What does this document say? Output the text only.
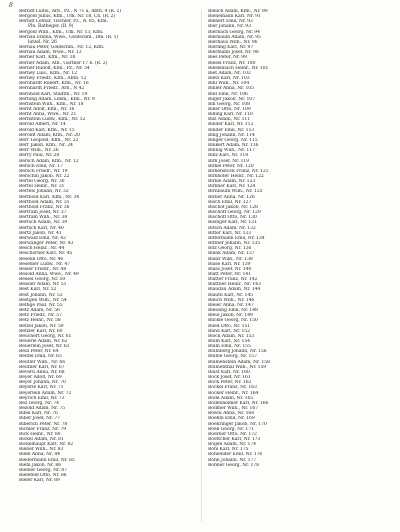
8

Berndt Ludw., Arb., Pz., N 71 a, Abth. 4 (R. 2)

Bergold Julius, Kfm., Ufk. Nr. 18, Ch. (R. 2)

Berndt Lothar, Tischler, Pz., N. 85, Kfm.
Pln. Ratheger. (R. 9)

Bergold Wilh., Kfm., Ufk. Nr. 13, Kfm.

Bernau Emma, Wwe., Goldschm., Dm. (R. 1)
lutzel. Nr. 26

Bernau Peter, Goldschm., Nr. 12, Kfm.

Bernau Adam, Wwe., Nr. 13

Berner Karl, Kfm., Nr. 18

Berner Adam, Ath., Gärtner 17 b. (R. 2)

Berner Rudolf, Kfm., Pz., Nr. 54

Berney Luis., Kfm., Nr. 12

Berney Friedr., Kfm., Abth. 12

Bernhardt Robert, Kfm., Nr. 16

Bernhardt Friedr., Arb., N 42

Bernhold Karl, Stadtm., Nr. 19

Berning Adam, Ldsm., Kfm., Nr. 9

Bernstein Wilh., Kfm., Nr. 18

Bernt Adolf, Kfm., Nr. 16

Bernt Anna, Wwe., Nr. 21

Bernstein Ludw., Kfm., Nr. 12

Berold Albert, Nr. 14

Berold Karl, Kfm., Nr. 15

Beroldt Adam, Kfm., Nr. 20

Berr Leopold, Kfm., Nr. 22

Berr Jakob, Kfm., Nr. 24

Berr Wilh., Nr. 26

Berry Paul, Nr. 28

Bersch Adam, Kfm., Nr. 12

Bersch Emil, Nr. 17

Bersch Friedr., Nr. 19

Berschin Jakob, Nr. 22

Bertel Georg, Nr. 30

Bertel Heinr., Nr. 31

Bertels Johann, Nr. 32

Berthold Karl, Kfm., Nr. 34

Berthold Adam, Nr. 35

Berthold Franz, Nr. 36

Bertram Josef, Nr. 37

Bertram Wilh., Nr. 38

Bertsch Adam, Nr. 39

Bertsch Karl, Nr. 40

Bertz Jakob, Nr. 41

Berwald Emil, Nr. 42

Berwanger Peter, Nr. 43

Besch Heinr., Nr. 44

Beschorner Karl, Nr. 45

Beselin Otto, Nr. 46

Besemer Ludw., Nr. 47

Besier Friedr., Nr. 48

Besold Anna, Wwe., Nr. 49

Bessel Georg, Nr. 50

Bessler Adam, Nr. 51

Best Karl, Nr. 52

Best Johann, Nr. 53

Bestgen Wilh., Nr. 54

Bethge Paul, Nr. 55

Betz Adam, Nr. 56

Betz Friedr., Nr. 57

Betz Heinr., Nr. 58

Betzel Jakob, Nr. 59

Betzler Karl, Nr. 60

Beuchert Georg, Nr. 61

Beuerle Adam, Nr. 62

Beuerlein Josef, Nr. 63

Beul Peter, Nr. 64

Beutel Emil, Nr. 65

Beutler Wilh., Nr. 66

Beutner Karl, Nr. 67

Bevern Anna, Nr. 68

Beyer Adolf, Nr. 69

Beyer Johann, Nr. 70

Beyerle Karl, Nr. 71

Beyerlein Adam, Nr. 72

Beyrich Emil, Nr. 73

Bez Georg, Nr. 74

Bezold Adam, Nr. 75

Bibel Karl, Nr. 76

Biber Josef, Nr. 77

Biberich Peter, Nr. 78

Bichler Franz, Nr. 79

Bick Heinr., Nr. 80

Bickel Adam, Nr. 81

Bickelhaupt Karl, Nr. 82

Bieber Wilh., Nr. 83

Biebl Anna, Nr. 84

Biedermann Emil, Nr. 85

Biehl Jakob, Nr. 86

Biehler Georg, Nr. 87

Bielefeld Otto, Nr. 88

Bieler Karl, Nr. 89

Bielich Adam, Kfm., Nr. 90

Bienemann Karl, Nr. 91

Bienert Emil, Nr. 92

Bier Johann, Nr. 93

Bierbach Georg, Nr. 94

Bierbaum Adam, Nr. 95

Bierhaus Wilh., Nr. 96

Bierling Karl, Nr. 97

Biermann Josef, Nr. 98

Bies Peter, Nr. 99

Biesel Franz, Nr. 100

Biesenbach Heinr., Nr. 101

Biet Adam, Nr. 102

Bietz Karl, Nr. 103

Bihl Wilh., Nr. 104

Bihler Anna, Nr. 105

Bild Emil, Nr. 106

Bilger Jakob, Nr. 107

Bill Georg, Nr. 108

Biller Otto, Nr. 109

Billing Karl, Nr. 110

Bilz Adam, Nr. 111

Binder Karl, Nr. 112

Binder Emil, Nr. 113

Bing Johann, Nr. 114

Binger Georg, Nr. 115

Binkert Adam, Nr. 116

Binnig Wilh., Nr. 117

Binz Karl, Nr. 118

Birk Josef, Nr. 119

Birkel Peter, Nr. 120

Birkenstock Franz, Nr. 121

Birkhofer Heinr., Nr. 122

Birkle Adam, Nr. 123

Birkner Karl, Nr. 124

Birnbaum Wilh., Nr. 125

Birner Anna, Nr. 126

Bisch Emil, Nr. 127

Bischof Jakob, Nr. 128

Bischoff Georg, Nr. 129

Bischoff Otto, Nr. 130

Bisinger Karl, Nr. 131

Bitsch Adam, Nr. 132

Bitter Karl, Nr. 133

Bittermann Emil, Nr. 134

Bittner Johann, Nr. 135

Bitz Georg, Nr. 136

Blank Adam, Nr. 137

Blanz Wilh., Nr. 138

Blase Karl, Nr. 139

Blass Josef, Nr. 140

Blatt Peter, Nr. 141

Blatter Franz, Nr. 142

Blattner Heinr., Nr. 143

Blaudau Adam, Nr. 144

Blauth Karl, Nr. 145

Bleich Wilh., Nr. 146

Bleier Anna, Nr. 147

Blessing Emil, Nr. 148

Bleul Jakob, Nr. 149

Blickle Georg, Nr. 150

Blied Otto, Nr. 151

Blind Karl, Nr. 152

Block Adam, Nr. 153

Blum Karl, Nr. 154

Blum Emil, Nr. 155

Blumberg Johann, Nr. 156

Blume Georg, Nr. 157

Blumenstein Adam, Nr. 158

Blumenthal Wilh., Nr. 159

Blust Karl, Nr. 160

Bock Josef, Nr. 161

Bock Peter, Nr. 162

Bockel Franz, Nr. 163

Bocker Heinr., Nr. 164

Bode Adam, Nr. 165

Bodenheimer Karl, Nr. 166

Bodmer Wilh., Nr. 167

Boeck Anna, Nr. 168

Boehm Emil, Nr. 169

Boehringer Jakob, Nr. 170

Boell Georg, Nr. 171

Boerner Otto, Nr. 172

Boettcher Karl, Nr. 173

Bogen Adam, Nr. 174

Bohl Karl, Nr. 175

Bohlender Emil, Nr. 176

Bohn Johann, Nr. 177

Bohner Georg, Nr. 178
